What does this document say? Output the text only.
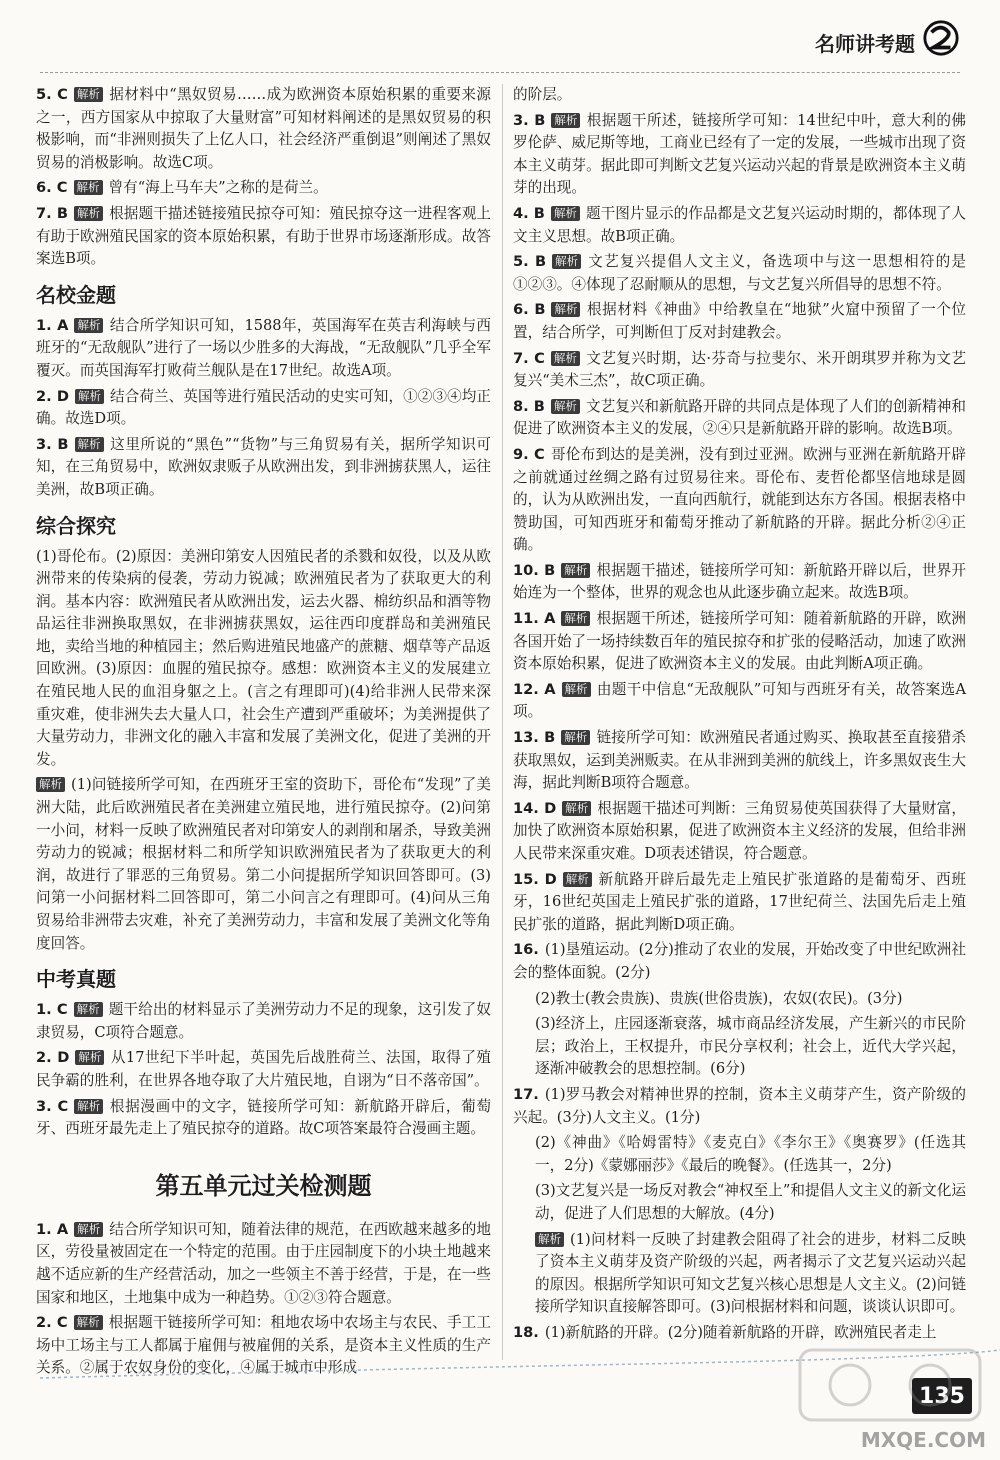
名师讲考题
5. C 解析 据材料中“黑奴贸易……成为欧洲资本原始积累的重要来源之一，西方国家从中掠取了大量财富”可知材料阐述的是黑奴贸易的积极影响，而“非洲则损失了上亿人口，社会经济严重倒退”则阐述了黑奴贸易的消极影响。故选C项。
6. C 解析 曾有“海上马车夫”之称的是荷兰。
7. B 解析 根据题干描述链接殖民掠夺可知：殖民掠夺这一进程客观上有助于欧洲殖民国家的资本原始积累，有助于世界市场逐渐形成。故答案选B项。
名校金题
1. A 解析 结合所学知识可知，1588年，英国海军在英吉利海峡与西班牙的“无敌舰队”进行了一场以少胜多的大海战，“无敌舰队”几乎全军覆灭。而英国海军打败荷兰舰队是在17世纪。故选A项。
2. D 解析 结合荷兰、英国等进行殖民活动的史实可知，①②③④均正确。故选D项。
3. B 解析 这里所说的“黑色”“货物”与三角贸易有关，据所学知识可知，在三角贸易中，欧洲奴隶贩子从欧洲出发，到非洲掳获黑人，运往美洲，故B项正确。
综合探究
(1)哥伦布。(2)原因：美洲印第安人因殖民者的杀戮和奴役，以及从欧洲带来的传染病的侵袭，劳动力锐减；欧洲殖民者为了获取更大的利润。基本内容：欧洲殖民者从欧洲出发，运去火器、棉纺织品和酒等物品运往非洲换取黑奴，在非洲掳获黑奴，运往西印度群岛和美洲殖民地，卖给当地的种植园主；然后购进殖民地盛产的蔗糖、烟草等产品返回欧洲。(3)原因：血腥的殖民掠夺。感想：欧洲资本主义的发展建立在殖民地人民的血泪身躯之上。(言之有理即可)(4)给非洲人民带来深重灾难，使非洲失去大量人口，社会生产遭到严重破坏；为美洲提供了大量劳动力，非洲文化的融入丰富和发展了美洲文化，促进了美洲的开发。
解析 (1)问链接所学可知，在西班牙王室的资助下，哥伦布“发现”了美洲大陆，此后欧洲殖民者在美洲建立殖民地，进行殖民掠夺。(2)问第一小问，材料一反映了欧洲殖民者对印第安人的剥削和屠杀，导致美洲劳动力的锐减；根据材料二和所学知识欧洲殖民者为了获取更大的利润，故进行了罪恶的三角贸易。第二小问提据所学知识回答即可。(3)问第一小问据材料二回答即可，第二小问言之有理即可。(4)问从三角贸易给非洲带去灾难，补充了美洲劳动力，丰富和发展了美洲文化等角度回答。
中考真题
1. C 解析 题干给出的材料显示了美洲劳动力不足的现象，这引发了奴隶贸易，C项符合题意。
2. D 解析 从17世纪下半叶起，英国先后战胜荷兰、法国，取得了殖民争霸的胜利，在世界各地夺取了大片殖民地，自诩为“日不落帝国”。
3. C 解析 根据漫画中的文字，链接所学可知：新航路开辟后，葡萄牙、西班牙最先走上了殖民掠夺的道路。故C项答案最符合漫画主题。
第五单元过关检测题
1. A 解析 结合所学知识可知，随着法律的规范，在西欧越来越多的地区，劳役量被固定在一个特定的范围。由于庄园制度下的小块土地越来越不适应新的生产经营活动，加之一些领主不善于经营，于是，在一些国家和地区，土地集中成为一种趋势。①②③符合题意。
2. C 解析 根据题干链接所学可知：租地农场中农场主与农民、手工工场中工场主与工人都属于雇佣与被雇佣的关系，是资本主义性质的生产关系。②属于农奴身份的变化，④属于城市中形成
的阶层。
3. B 解析 根据题干所述，链接所学可知：14世纪中叶，意大利的佛罗伦萨、威尼斯等地，工商业已经有了一定的发展，一些城市出现了资本主义萌芽。据此即可判断文艺复兴运动兴起的背景是欧洲资本主义萌芽的出现。
4. B 解析 题干图片显示的作品都是文艺复兴运动时期的，都体现了人文主义思想。故B项正确。
5. B 解析 文艺复兴提倡人文主义，备选项中与这一思想相符的是①②③。④体现了忍耐顺从的思想，与文艺复兴所倡导的思想不符。
6. B 解析 根据材料《神曲》中给教皇在“地狱”火窟中预留了一个位置，结合所学，可判断但丁反对封建教会。
7. C 解析 文艺复兴时期，达·芬奇与拉斐尔、米开朗琪罗并称为文艺复兴“美术三杰”，故C项正确。
8. B 解析 文艺复兴和新航路开辟的共同点是体现了人们的创新精神和促进了欧洲资本主义的发展，②④只是新航路开辟的影响。故选B项。
9. C 哥伦布到达的是美洲，没有到过亚洲。欧洲与亚洲在新航路开辟之前就通过丝绸之路有过贸易往来。哥伦布、麦哲伦都坚信地球是圆的，认为从欧洲出发，一直向西航行，就能到达东方各国。根据表格中赞助国，可知西班牙和葡萄牙推动了新航路的开辟。据此分析②④正确。
10. B 解析 根据题干描述，链接所学可知：新航路开辟以后，世界开始连为一个整体，世界的观念也从此逐步确立起来。故选B项。
11. A 解析 根据题干所述，链接所学可知：随着新航路的开辟，欧洲各国开始了一场持续数百年的殖民掠夺和扩张的侵略活动，加速了欧洲资本原始积累，促进了欧洲资本主义的发展。由此判断A项正确。
12. A 解析 由题干中信息“无敌舰队”可知与西班牙有关，故答案选A项。
13. B 解析 链接所学可知：欧洲殖民者通过购买、换取甚至直接猎杀获取黑奴，运到美洲贩卖。在从非洲到美洲的航线上，许多黑奴丧生大海，据此判断B项符合题意。
14. D 解析 根据题干描述可判断：三角贸易使英国获得了大量财富，加快了欧洲资本原始积累，促进了欧洲资本主义经济的发展，但给非洲人民带来深重灾难。D项表述错误，符合题意。
15. D 解析 新航路开辟后最先走上殖民扩张道路的是葡萄牙、西班牙，16世纪英国走上殖民扩张的道路，17世纪荷兰、法国先后走上殖民扩张的道路，据此判断D项正确。
16. (1)垦殖运动。(2分)推动了农业的发展，开始改变了中世纪欧洲社会的整体面貌。(2分)
(2)教士(教会贵族)、贵族(世俗贵族)，农奴(农民)。(3分)
(3)经济上，庄园逐渐衰落，城市商品经济发展，产生新兴的市民阶层；政治上，王权提升，市民分享权利；社会上，近代大学兴起，逐渐冲破教会的思想控制。(6分)
17. (1)罗马教会对精神世界的控制，资本主义萌芽产生，资产阶级的兴起。(3分)人文主义。(1分)
(2)《神曲》《哈姆雷特》《麦克白》《李尔王》《奥赛罗》(任选其一，2分)《蒙娜丽莎》《最后的晚餐》。(任选其一，2分)
(3)文艺复兴是一场反对教会“神权至上”和提倡人文主义的新文化运动，促进了人们思想的大解放。(4分)
解析 (1)问材料一反映了封建教会阻碍了社会的进步，材料二反映了资本主义萌芽及资产阶级的兴起，两者揭示了文艺复兴运动兴起的原因。根据所学知识可知文艺复兴核心思想是人文主义。(2)问链接所学知识直接解答即可。(3)问根据材料和问题，谈谈认识即可。
18. (1)新航路的开辟。(2分)随着新航路的开辟，欧洲殖民者走上
135
MXQE.COM
